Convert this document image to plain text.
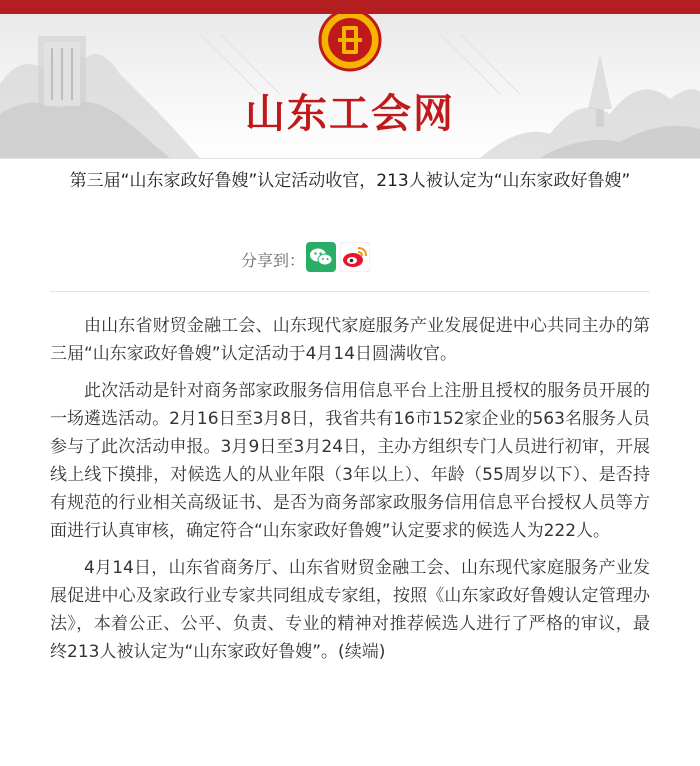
山东工会网
第三届“山东家政好鲁嫂”认定活动收官，213人被认定为“山东家政好鲁嫂”
分享到：

由山东省财贸金融工会、山东现代家庭服务产业发展促进中心共同主办的第三届“山东家政好鲁嫂”认定活动于4月14日圆满收官。

此次活动是针对商务部家政服务信用信息平台上注册且授权的服务员开展的一场遴选活动。2月16日至3月8日，我省共有16市152家企业的563名服务人员参与了此次活动申报。3月9日至3月24日，主办方组织专门人员进行初审，开展线上线下摸排，对候选人的从业年限（3年以上）、年龄（55周岁以下）、是否持有规范的行业相关高级证书、是否为商务部家政服务信用信息平台授权人员等方面进行认真审核，确定符合“山东家政好鲁嫂”认定要求的候选人为222人。

4月14日，山东省商务厅、山东省财贸金融工会、山东现代家庭服务产业发展促进中心及家政行业专家共同组成专家组，按照《山东家政好鲁嫂认定管理办法》，本着公正、公平、负责、专业的精神对推荐候选人进行了严格的审议，最终213人被认定为“山东家政好鲁嫂”。(续端)
